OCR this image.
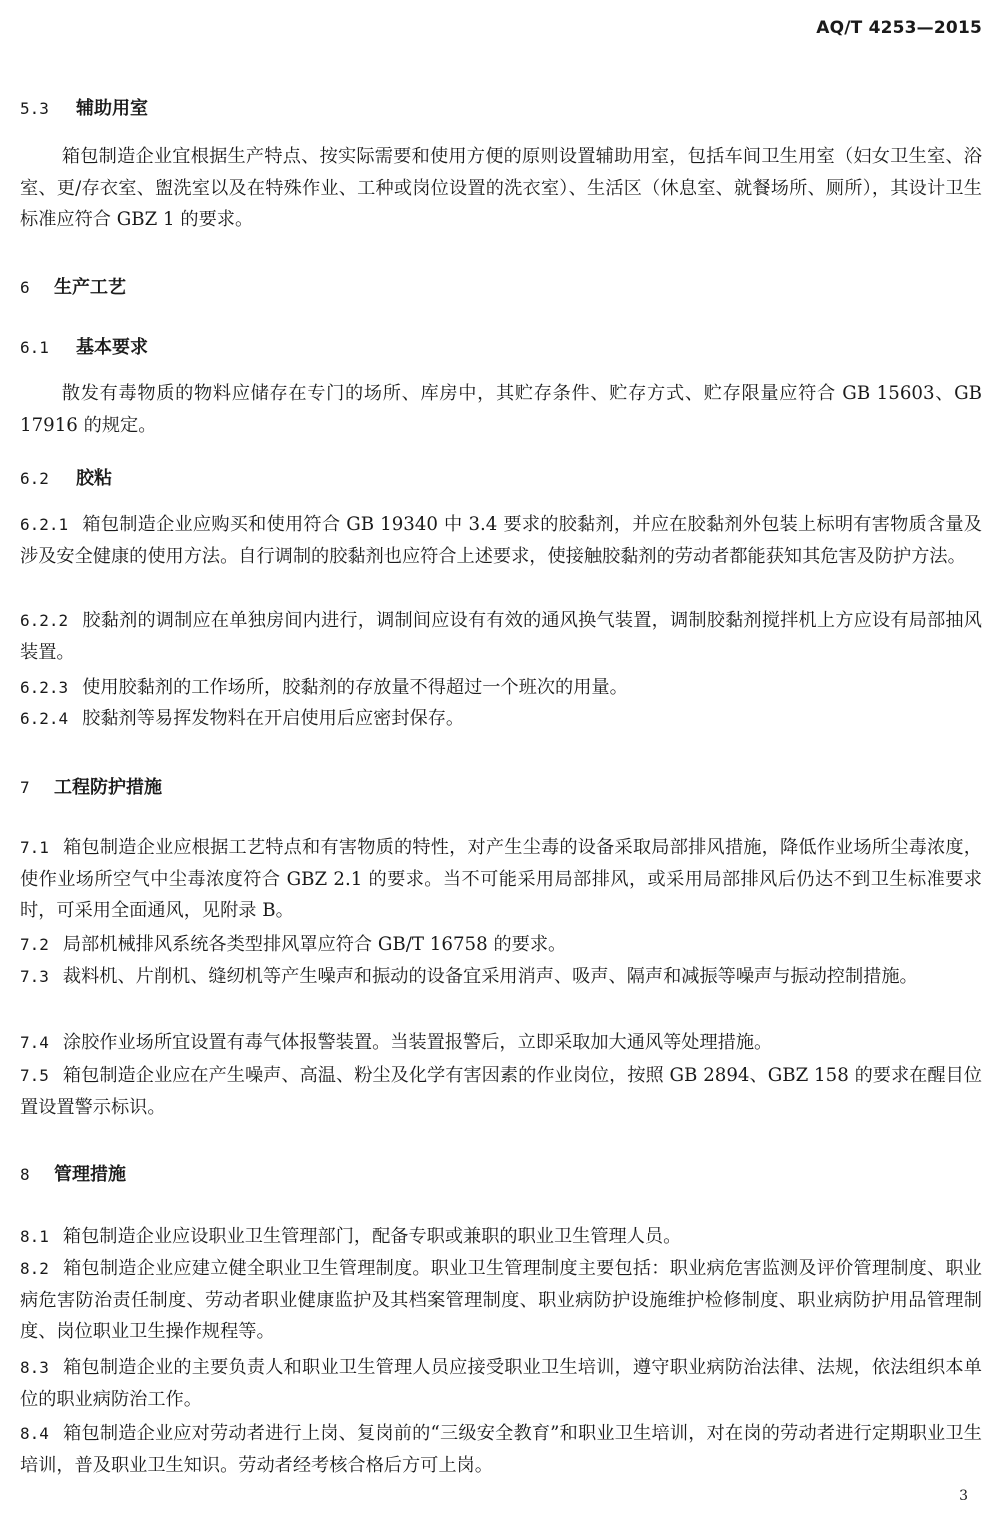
AQ/T 4253—2015
5.3 辅助用室

箱包制造企业宜根据生产特点、按实际需要和使用方便的原则设置辅助用室，包括车间卫生用室（妇女卫生室、浴室、更/存衣室、盥洗室以及在特殊作业、工种或岗位设置的洗衣室）、生活区（休息室、就餐场所、厕所），其设计卫生标准应符合 GBZ 1 的要求。

6 生产工艺
6.1 基本要求

散发有毒物质的物料应储存在专门的场所、库房中，其贮存条件、贮存方式、贮存限量应符合 GB 15603、GB 17916 的规定。

6.2 胶粘

6.2.1 箱包制造企业应购买和使用符合 GB 19340 中 3.4 要求的胶黏剂，并应在胶黏剂外包装上标明有害物质含量及涉及安全健康的使用方法。自行调制的胶黏剂也应符合上述要求，使接触胶黏剂的劳动者都能获知其危害及防护方法。

6.2.2 胶黏剂的调制应在单独房间内进行，调制间应设有有效的通风换气装置，调制胶黏剂搅拌机上方应设有局部抽风装置。

6.2.3 使用胶黏剂的工作场所，胶黏剂的存放量不得超过一个班次的用量。

6.2.4 胶黏剂等易挥发物料在开启使用后应密封保存。

7 工程防护措施

7.1 箱包制造企业应根据工艺特点和有害物质的特性，对产生尘毒的设备采取局部排风措施，降低作业场所尘毒浓度，使作业场所空气中尘毒浓度符合 GBZ 2.1 的要求。当不可能采用局部排风，或采用局部排风后仍达不到卫生标准要求时，可采用全面通风，见附录 B。

7.2 局部机械排风系统各类型排风罩应符合 GB/T 16758 的要求。

7.3 裁料机、片削机、缝纫机等产生噪声和振动的设备宜采用消声、吸声、隔声和减振等噪声与振动控制措施。

7.4 涂胶作业场所宜设置有毒气体报警装置。当装置报警后，立即采取加大通风等处理措施。

7.5 箱包制造企业应在产生噪声、高温、粉尘及化学有害因素的作业岗位，按照 GB 2894、GBZ 158 的要求在醒目位置设置警示标识。

8 管理措施

8.1 箱包制造企业应设职业卫生管理部门，配备专职或兼职的职业卫生管理人员。

8.2 箱包制造企业应建立健全职业卫生管理制度。职业卫生管理制度主要包括：职业病危害监测及评价管理制度、职业病危害防治责任制度、劳动者职业健康监护及其档案管理制度、职业病防护设施维护检修制度、职业病防护用品管理制度、岗位职业卫生操作规程等。

8.3 箱包制造企业的主要负责人和职业卫生管理人员应接受职业卫生培训，遵守职业病防治法律、法规，依法组织本单位的职业病防治工作。

8.4 箱包制造企业应对劳动者进行上岗、复岗前的“三级安全教育”和职业卫生培训，对在岗的劳动者进行定期职业卫生培训，普及职业卫生知识。劳动者经考核合格后方可上岗。

3
